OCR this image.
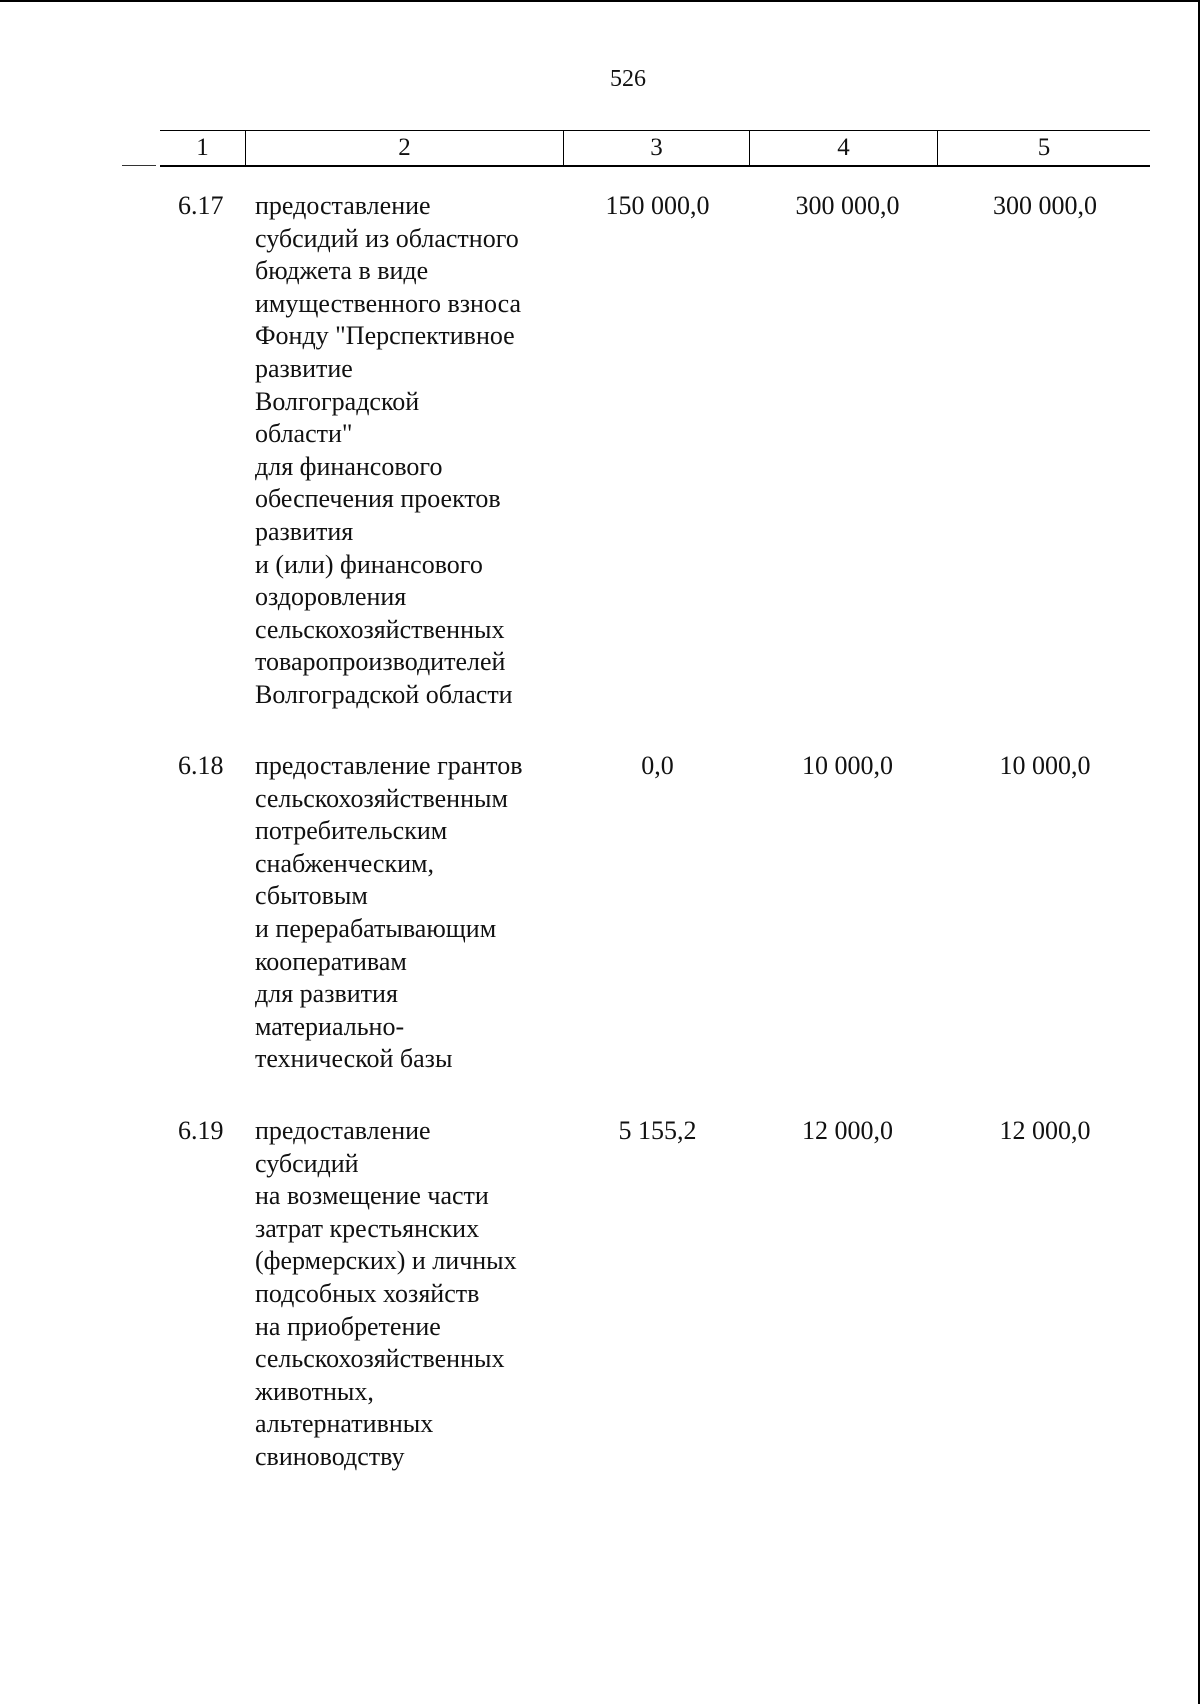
526
1	2	3	4	5
6.17 предоставление
субсидий из областного
бюджета в виде
имущественного взноса
Фонду "Перспективное
развитие
Волгоградской
области"
для финансового
обеспечения проектов
развития
и (или) финансового
оздоровления
сельскохозяйственных
товаропроизводителей
Волгоградской области
150 000,0	300 000,0	300 000,0
6.18 предоставление грантов
сельскохозяйственным
потребительским
снабженческим,
сбытовым
и перерабатывающим
кооперативам
для развития
материально-
технической базы
0,0	10 000,0	10 000,0
6.19 предоставление
субсидий
на возмещение части
затрат крестьянских
(фермерских) и личных
подсобных хозяйств
на приобретение
сельскохозяйственных
животных,
альтернативных
свиноводству
5 155,2	12 000,0	12 000,0
